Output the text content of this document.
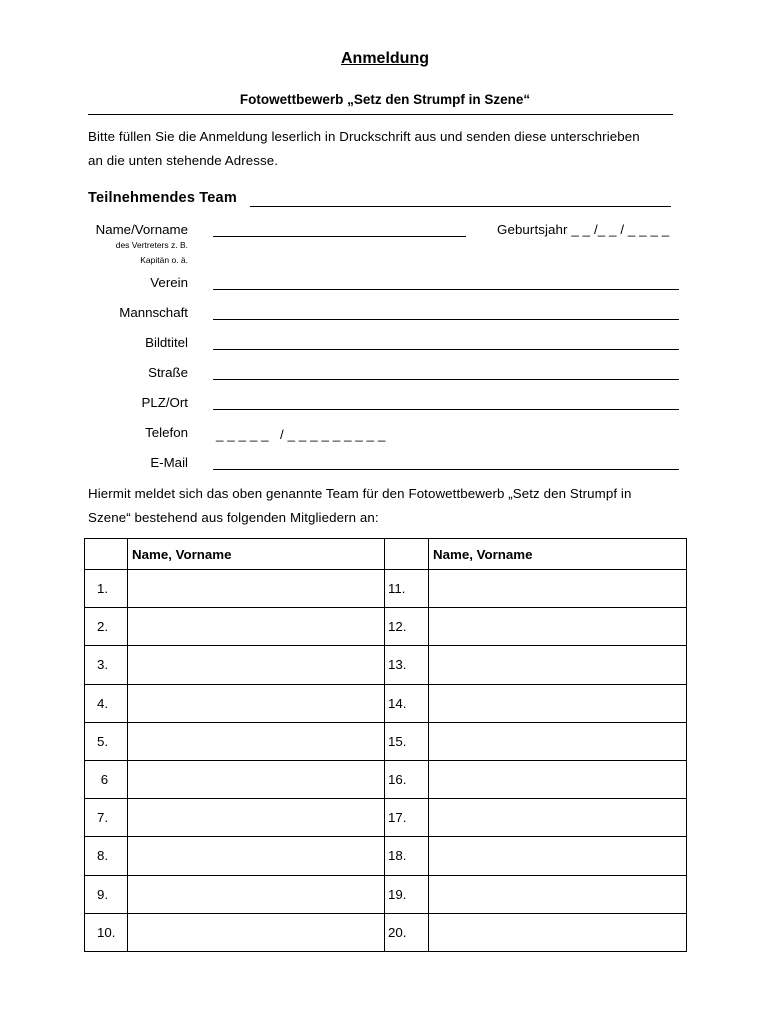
Anmeldung
Fotowettbewerb „Setz den Strumpf in Szene“
Bitte füllen Sie die Anmeldung leserlich in Druckschrift aus und senden diese unterschrieben
an die unten stehende Adresse.
Teilnehmendes Team
Name/Vorname	Geburtsjahr _ _ /_ _ / _ _ _ _
des Vertreters z. B.
Kapitän o. ä.
Verein
Mannschaft
Bildtitel
Straße
PLZ/Ort
Telefon _ _ _ _ _   / _ _ _ _ _ _ _ _ _
E-Mail
Hiermit meldet sich das oben genannte Team für den Fotowettbewerb „Setz den Strumpf in
Szene“ bestehend aus folgenden Mitgliedern an:
	Name, Vorname		Name, Vorname
1.		11.	
2.		12.	
3.		13.	
4.		14.	
5.		15.	
6		16.	
7.		17.	
8.		18.	
9.		19.	
10.		20.	
